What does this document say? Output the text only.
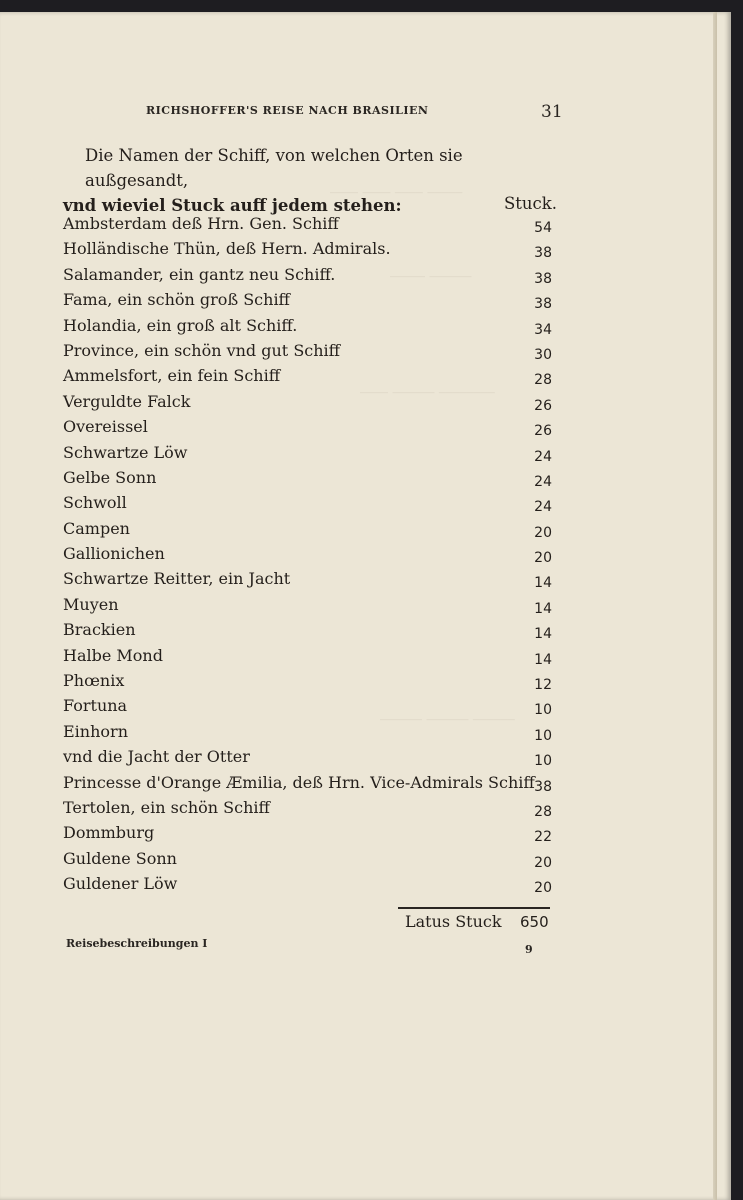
_____ ____ ____ ____
______ _____
________ ______ ____
______ ______ ______
RICHSHOFFER'S REISE NACH BRASILIEN	31
Die Namen der Schiff, von welchen Orten sie außgesandt,
vnd wieviel Stuck auff jedem stehen:	Stuck.
Ambsterdam deß Hrn. Gen. Schiff	54
Holländische Thün, deß Hern. Admirals.	38
Salamander, ein gantz neu Schiff.	38
Fama, ein schön groß Schiff	38
Holandia, ein groß alt Schiff.	34
Province, ein schön vnd gut Schiff	30
Ammelsfort, ein fein Schiff	28
Verguldte Falck	26
Overeissel	26
Schwartze Löw	24
Gelbe Sonn	24
Schwoll	24
Campen	20
Gallionichen	20
Schwartze Reitter, ein Jacht	14
Muyen	14
Brackien	14
Halbe Mond	14
Phœnix	12
Fortuna	10
Einhorn	10
vnd die Jacht der Otter	10
Princesse d'Orange Æmilia, deß Hrn. Vice-Admirals Schiff 38
Tertolen, ein schön Schiff	28
Dommburg	22
Guldene Sonn	20
Guldener Löw	20
Latus Stuck 650
Reisebeschreibungen I	9
